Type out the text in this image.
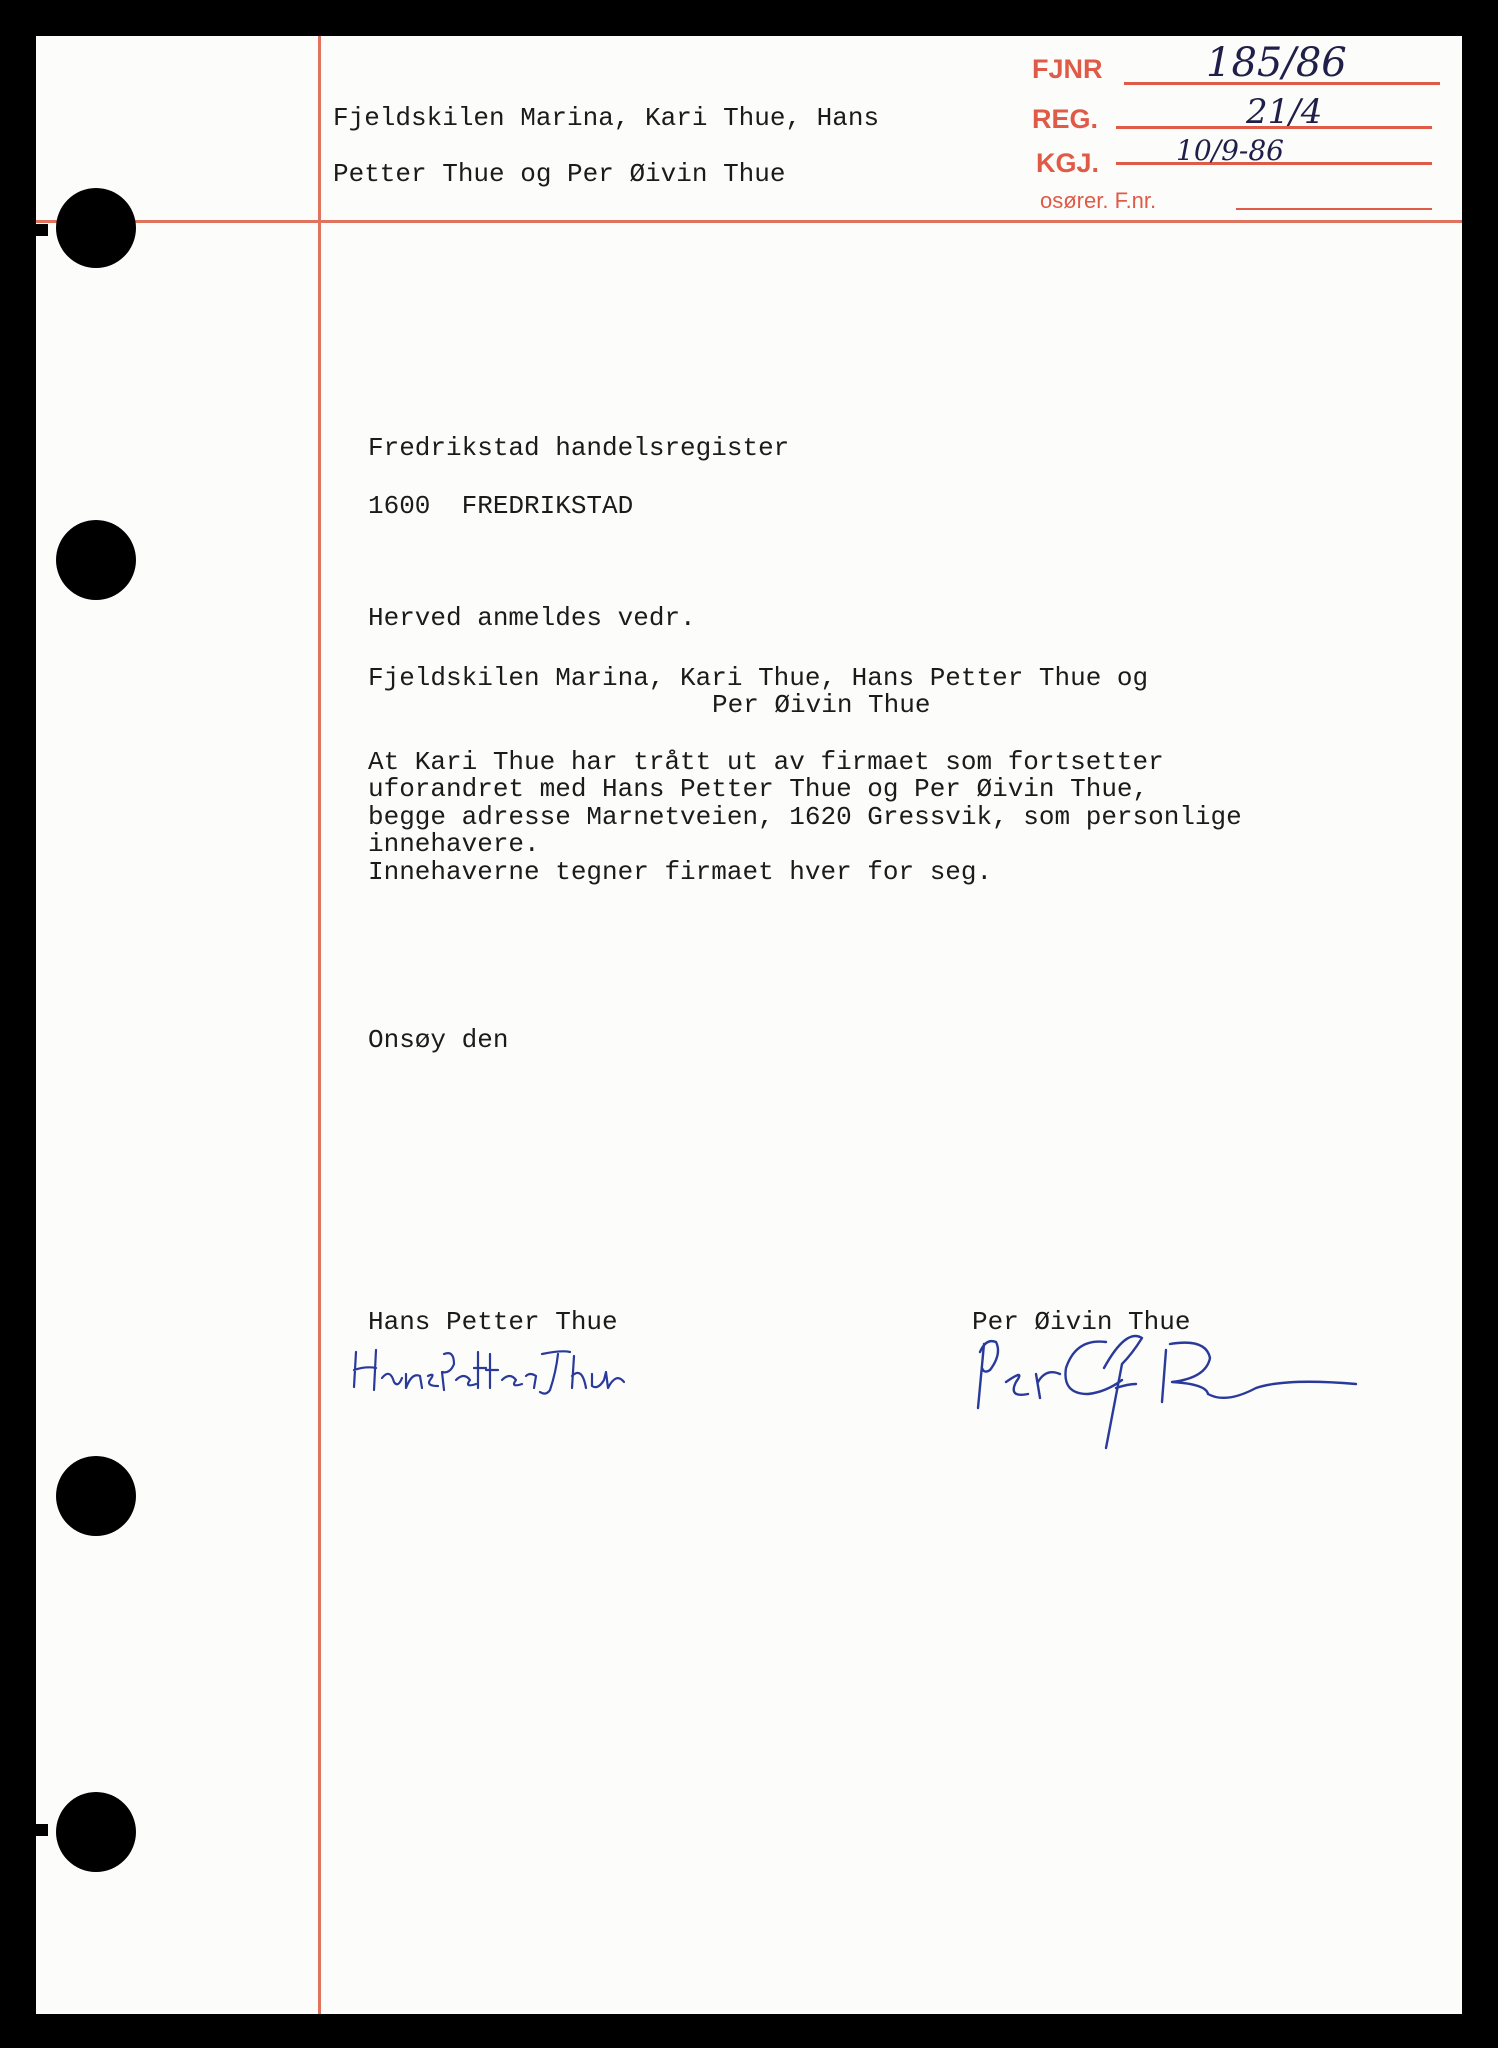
Fjeldskilen Marina, Kari Thue, Hans
Petter Thue og Per Øivin Thue
FJNR	185/86
REG.	21/4
KGJ.	10/9-86
osører. F.nr.
Fredrikstad handelsregister
1600  FREDRIKSTAD
Herved anmeldes vedr.
Fjeldskilen Marina, Kari Thue, Hans Petter Thue og
Per Øivin Thue
At Kari Thue har trått ut av firmaet som fortsetter
uforandret med Hans Petter Thue og Per Øivin Thue,
begge adresse Marnetveien, 1620 Gressvik, som personlige
innehavere.
Innehaverne tegner firmaet hver for seg.
Onsøy den
Hans Petter Thue	Per Øivin Thue
